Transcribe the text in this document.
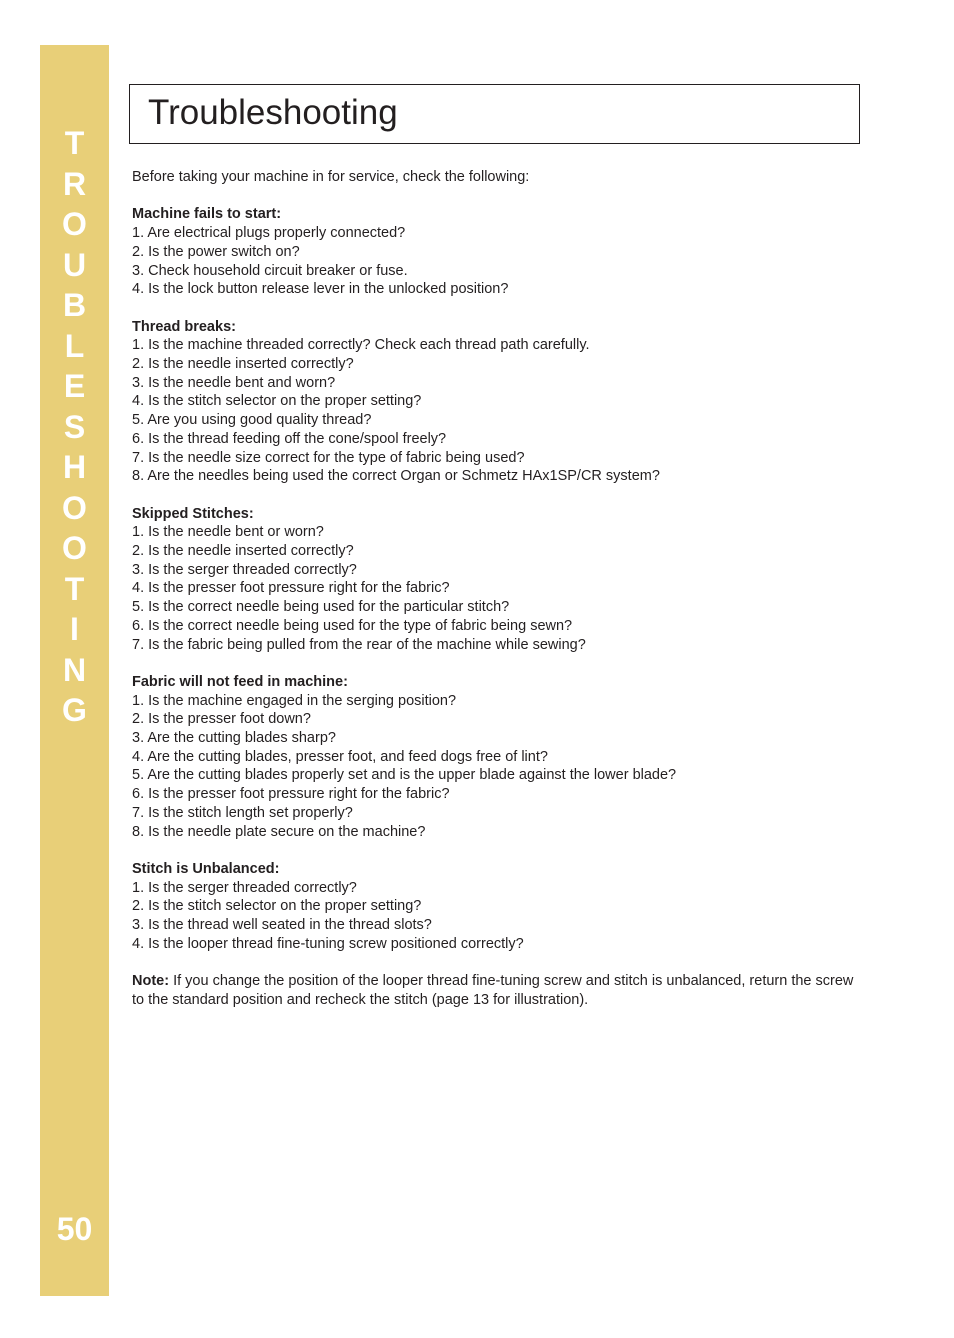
T
R
O
U
B
L
E
S
H
O
O
T
I
N
G
50
Troubleshooting

Before taking your machine in for service, check the following:

Machine fails to start:
1. Are electrical plugs properly connected?
2. Is the power switch on?
3. Check household circuit breaker or fuse.
4. Is the lock button release lever in the unlocked position?
Thread breaks:
1. Is the machine threaded correctly? Check each thread path carefully.
2. Is the needle inserted correctly?
3. Is the needle bent and worn?
4. Is the stitch selector on the proper setting?
5. Are you using good quality thread?
6. Is the thread feeding off the cone/spool freely?
7. Is the needle size correct for the type of fabric being used?
8. Are the needles being used the correct Organ or Schmetz HAx1SP/CR system?
Skipped Stitches:
1. Is the needle bent or worn?
2. Is the needle inserted correctly?
3. Is the serger threaded correctly?
4. Is the presser foot pressure right for the fabric?
5. Is the correct needle being used for the particular stitch?
6. Is the correct needle being used for the type of fabric being sewn?
7. Is the fabric being pulled from the rear of the machine while sewing?
Fabric will not feed in machine:
1. Is the machine engaged in the serging position?
2. Is the presser foot down?
3. Are the cutting blades sharp?
4. Are the cutting blades, presser foot, and feed dogs free of lint?
5. Are the cutting blades properly set and is the upper blade against the lower blade?
6. Is the presser foot pressure right for the fabric?
7. Is the stitch length set properly?
8. Is the needle plate secure on the machine?
Stitch is Unbalanced:
1. Is the serger threaded correctly?
2. Is the stitch selector on the proper setting?
3. Is the thread well seated in the thread slots?
4. Is the looper thread fine-tuning screw positioned correctly?

Note: If you change the position of the looper thread fine-tuning screw and stitch is unbalanced, return the screw to the standard position and recheck the stitch (page 13 for illustration).
